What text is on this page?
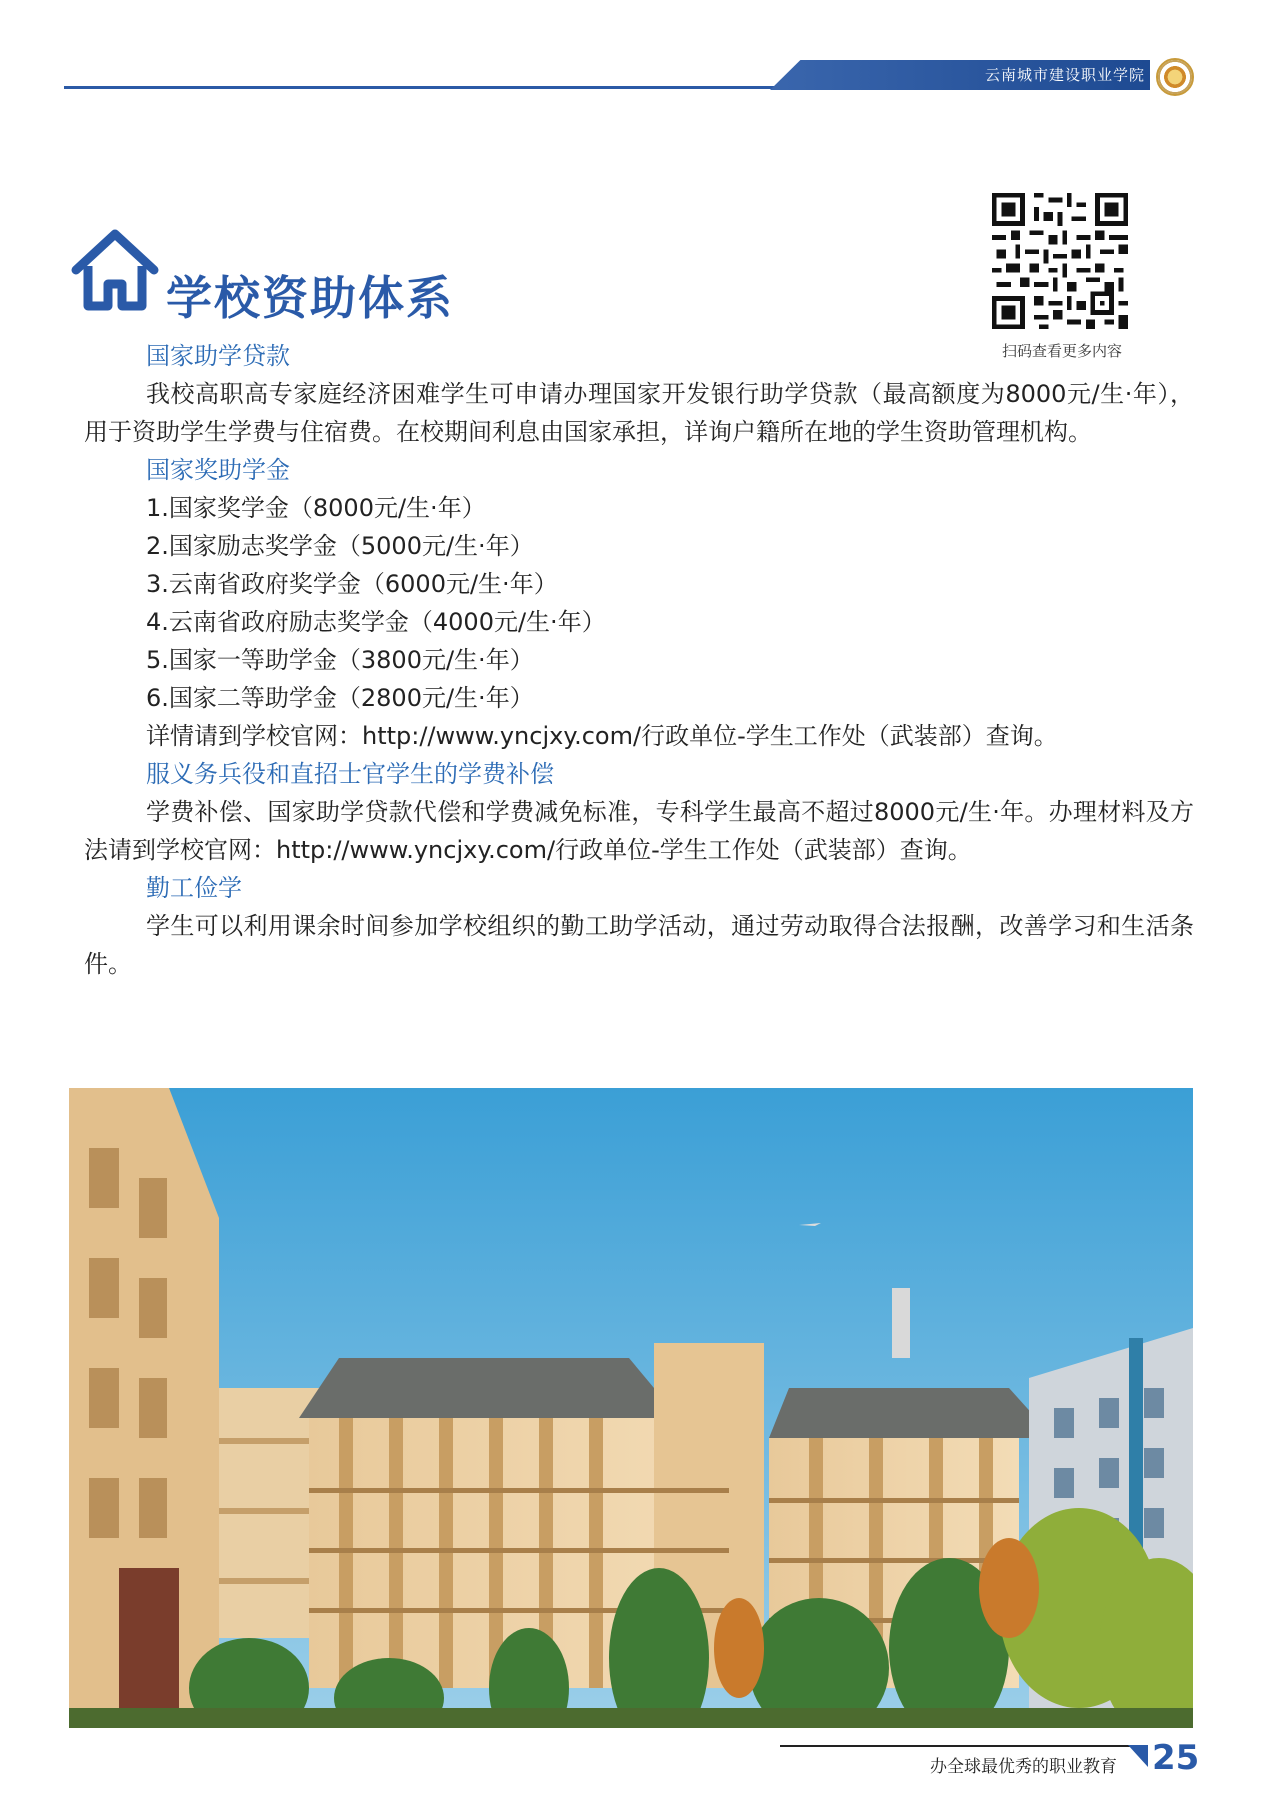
云南城市建设职业学院
学校资助体系
扫码查看更多内容
国家助学贷款
我校高职高专家庭经济困难学生可申请办理国家开发银行助学贷款（最高额度为8000元/生·年），用于资助学生学费与住宿费。在校期间利息由国家承担，详询户籍所在地的学生资助管理机构。
国家奖助学金
1.国家奖学金（8000元/生·年）
2.国家励志奖学金（5000元/生·年）
3.云南省政府奖学金（6000元/生·年）
4.云南省政府励志奖学金（4000元/生·年）
5.国家一等助学金（3800元/生·年）
6.国家二等助学金（2800元/生·年）
详情请到学校官网：http://www.yncjxy.com/行政单位-学生工作处（武装部）查询。
服义务兵役和直招士官学生的学费补偿
学费补偿、国家助学贷款代偿和学费减免标准，专科学生最高不超过8000元/生·年。办理材料及方法请到学校官网：http://www.yncjxy.com/行政单位-学生工作处（武装部）查询。
勤工俭学
学生可以利用课余时间参加学校组织的勤工助学活动，通过劳动取得合法报酬，改善学习和生活条件。
办全球最优秀的职业教育 25
